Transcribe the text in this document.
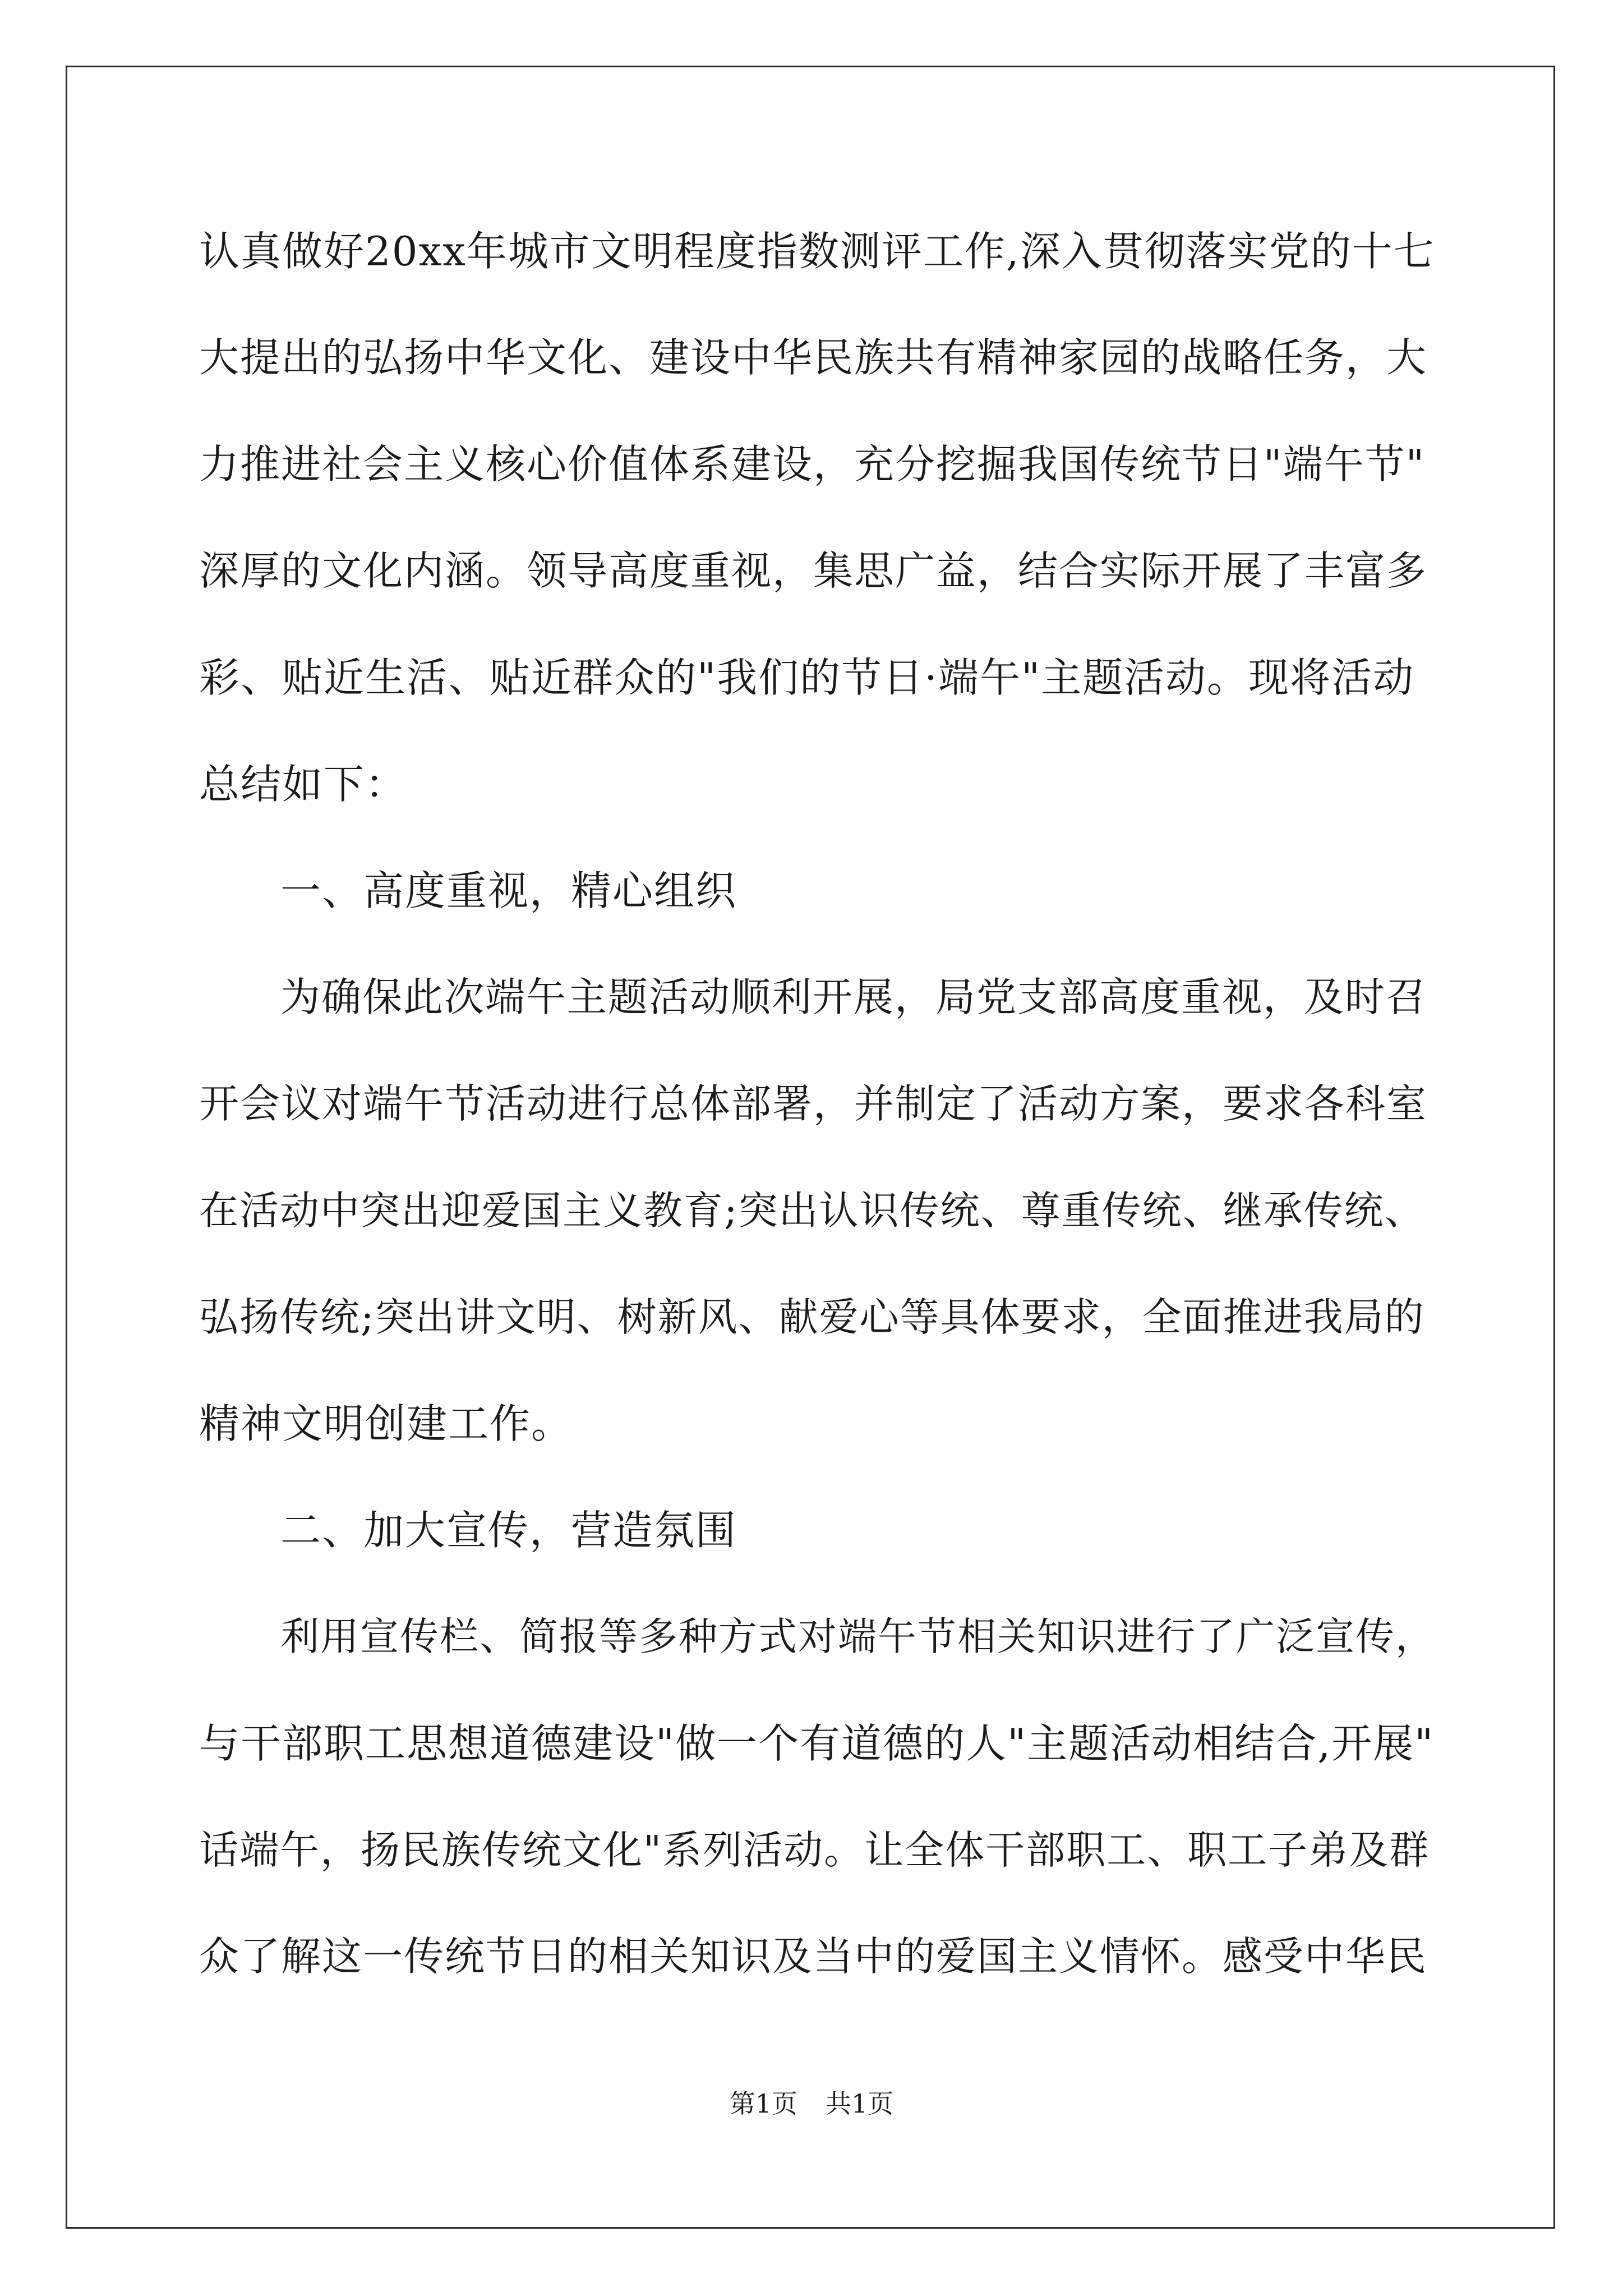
认真做好20xx年城市文明程度指数测评工作,深入贯彻落实党的十七
大提出的弘扬中华文化、建设中华民族共有精神家园的战略任务，大
力推进社会主义核心价值体系建设，充分挖掘我国传统节日"端午节"
深厚的文化内涵。领导高度重视，集思广益，结合实际开展了丰富多
彩、贴近生活、贴近群众的"我们的节日·端午"主题活动。现将活动
总结如下：
一、高度重视，精心组织
为确保此次端午主题活动顺利开展，局党支部高度重视，及时召
开会议对端午节活动进行总体部署，并制定了活动方案，要求各科室
在活动中突出迎爱国主义教育;突出认识传统、尊重传统、继承传统、
弘扬传统;突出讲文明、树新风、献爱心等具体要求，全面推进我局的
精神文明创建工作。
二、加大宣传，营造氛围
利用宣传栏、简报等多种方式对端午节相关知识进行了广泛宣传，
与干部职工思想道德建设"做一个有道德的人"主题活动相结合,开展"
话端午，扬民族传统文化"系列活动。让全体干部职工、职工子弟及群
众了解这一传统节日的相关知识及当中的爱国主义情怀。感受中华民
第1页 共1页
